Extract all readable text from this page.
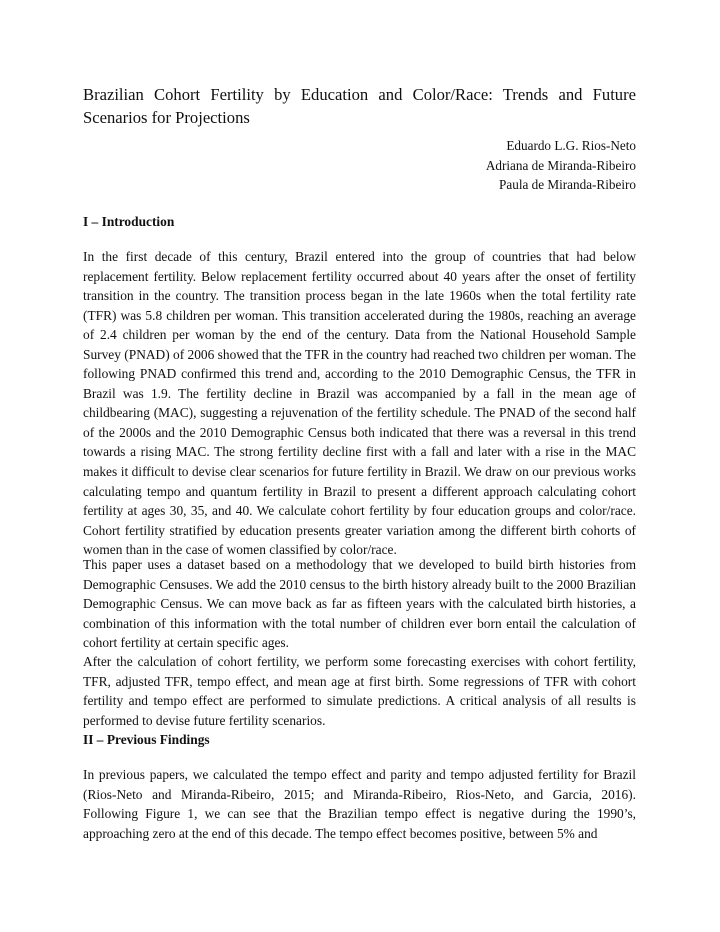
Brazilian Cohort Fertility by Education and Color/Race: Trends and Future Scenarios for Projections
Eduardo L.G. Rios-Neto
Adriana de Miranda-Ribeiro
Paula de Miranda-Ribeiro
I – Introduction

In the first decade of this century, Brazil entered into the group of countries that had below replacement fertility. Below replacement fertility occurred about 40 years after the onset of fertility transition in the country. The transition process began in the late 1960s when the total fertility rate (TFR) was 5.8 children per woman. This transition accelerated during the 1980s, reaching an average of 2.4 children per woman by the end of the century. Data from the National Household Sample Survey (PNAD) of 2006 showed that the TFR in the country had reached two children per woman. The following PNAD confirmed this trend and, according to the 2010 Demographic Census, the TFR in Brazil was 1.9. The fertility decline in Brazil was accompanied by a fall in the mean age of childbearing (MAC), suggesting a rejuvenation of the fertility schedule. The PNAD of the second half of the 2000s and the 2010 Demographic Census both indicated that there was a reversal in this trend towards a rising MAC. The strong fertility decline first with a fall and later with a rise in the MAC makes it difficult to devise clear scenarios for future fertility in Brazil. We draw on our previous works calculating tempo and quantum fertility in Brazil to present a different approach calculating cohort fertility at ages 30, 35, and 40. We calculate cohort fertility by four education groups and color/race. Cohort fertility stratified by education presents greater variation among the different birth cohorts of women than in the case of women classified by color/race.

This paper uses a dataset based on a methodology that we developed to build birth histories from Demographic Censuses. We add the 2010 census to the birth history already built to the 2000 Brazilian Demographic Census. We can move back as far as fifteen years with the calculated birth histories, a combination of this information with the total number of children ever born entail the calculation of cohort fertility at certain specific ages.

After the calculation of cohort fertility, we perform some forecasting exercises with cohort fertility, TFR, adjusted TFR, tempo effect, and mean age at first birth. Some regressions of TFR with cohort fertility and tempo effect are performed to simulate predictions. A critical analysis of all results is performed to devise future fertility scenarios.

II – Previous Findings

In previous papers, we calculated the tempo effect and parity and tempo adjusted fertility for Brazil (Rios-Neto and Miranda-Ribeiro, 2015; and Miranda-Ribeiro, Rios-Neto, and Garcia, 2016). Following Figure 1, we can see that the Brazilian tempo effect is negative during the 1990’s, approaching zero at the end of this decade. The tempo effect becomes positive, between 5% and
